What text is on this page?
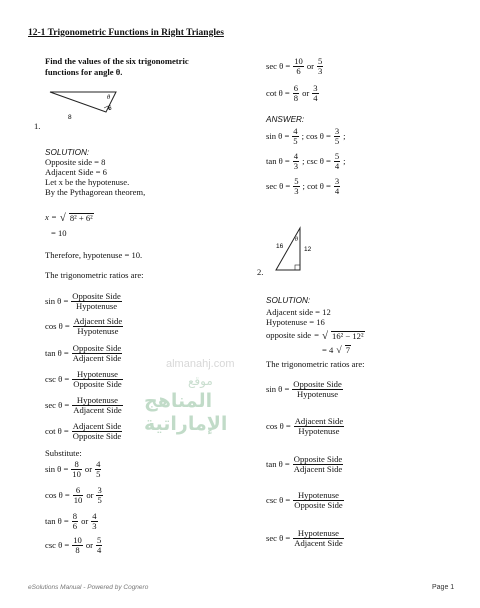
12-1 Trigonometric Functions in Right Triangles
Find the values of the six trigonometric
functions for angle θ.
8
6
θ
1.
SOLUTION:
Opposite side = 8
Adjacent Side = 6
Let x be the hypotenuse.
By the Pythagorean theorem,
x = √ 8² + 6²
= 10
Therefore, hypotenuse = 10.
The trigonometric ratios are:
$\sin \theta = \frac{\text{Opposite Side}}{\text{Hypotenuse}}$
$\cos \theta = \frac{\text{Adjacent Side}}{\text{Hypotenuse}}$
$\tan \theta = \frac{\text{Opposite Side}}{\text{Adjacent Side}}$
$\csc \theta = \frac{\text{Hypotenuse}}{\text{Opposite Side}}$
$\sec \theta = \frac{\text{Hypotenuse}}{\text{Adjacent Side}}$
$\cot \theta = \frac{\text{Adjacent Side}}{\text{Opposite Side}}$
Substitute:
$\sin \theta = \frac{8}{10}$ or $\frac{4}{5}$
$\cos \theta = \frac{6}{10}$ or $\frac{3}{5}$
$\tan \theta = \frac{8}{6}$ or $\frac{4}{3}$
$\csc \theta = \frac{10}{8}$ or $\frac{5}{4}$
$\sec \theta = \frac{10}{6}$ or $\frac{5}{3}$
$\cot \theta = \frac{6}{8}$ or $\frac{3}{4}$
ANSWER:
$\sin \theta = \frac{4}{5}$ ; $\cos \theta = \frac{3}{5}$ ;
$\tan \theta = \frac{4}{3}$ ; $\csc \theta = \frac{5}{4}$ ;
$\sec \theta = \frac{5}{3}$ ; $\cot \theta = \frac{3}{4}$
16	12
θ
2.
SOLUTION:
Adjacent side = 12
Hypotenuse = 16
opposite side = √ 16² − 12²
= 4 √ 7
The trigonometric ratios are:
$\sin \theta = \frac{\text{Opposite Side}}{\text{Hypotenuse}}$
$\cos \theta = \frac{\text{Adjacent Side}}{\text{Hypotenuse}}$
$\tan \theta = \frac{\text{Opposite Side}}{\text{Adjacent Side}}$
$\csc \theta = \frac{\text{Hypotenuse}}{\text{Opposite Side}}$
$\sec \theta = \frac{\text{Hypotenuse}}{\text{Adjacent Side}}$
almanahj.com
موقع
المناهج الإماراتية
eSolutions Manual - Powered by Cognero	Page 1
